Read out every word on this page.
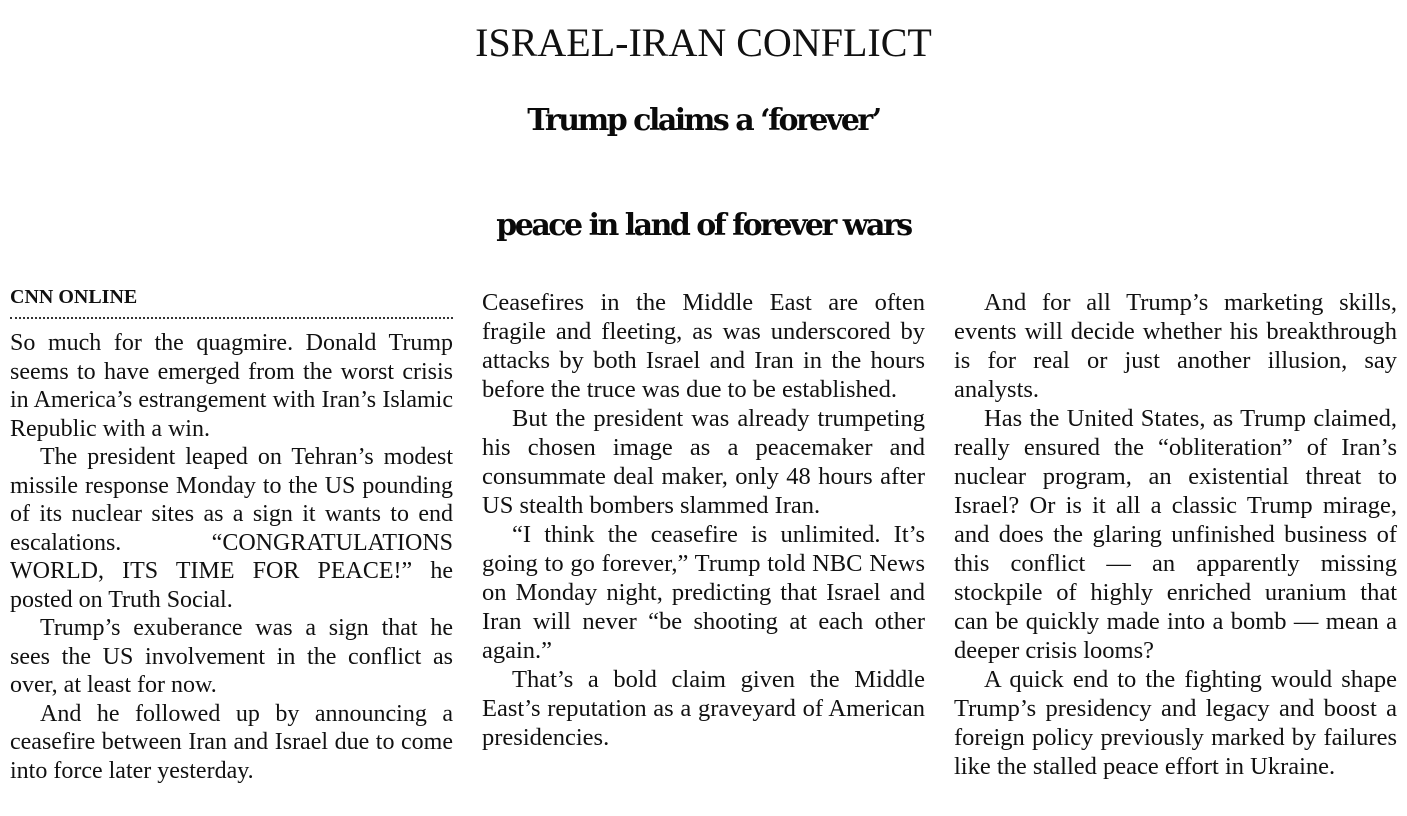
ISRAEL-IRAN CONFLICT
Trump claims a ‘forever’
peace in land of forever wars
CNN ONLINE

So much for the quagmire. Donald Trump seems to have emerged from the worst crisis in America’s estrangement with Iran’s Islamic Republic with a win.

The president leaped on Tehran’s modest missile response Monday to the US pounding of its nuclear sites as a sign it wants to end escalations. “CONGRATULATIONS WORLD, ITS TIME FOR PEACE!” he posted on Truth Social.

Trump’s exuberance was a sign that he sees the US involvement in the conflict as over, at least for now.

And he followed up by announcing a ceasefire between Iran and Israel due to come into force later yesterday.

Ceasefires in the Middle East are often fragile and fleeting, as was underscored by attacks by both Israel and Iran in the hours before the truce was due to be established.

But the president was already trumpeting his chosen image as a peacemaker and consummate deal maker, only 48 hours after US stealth bombers slammed Iran.

“I think the ceasefire is unlimited. It’s going to go forever,” Trump told NBC News on Monday night, predicting that Israel and Iran will never “be shooting at each other again.”

That’s a bold claim given the Middle East’s reputation as a graveyard of American presidencies.

And for all Trump’s marketing skills, events will decide whether his breakthrough is for real or just another illusion, say analysts.

Has the United States, as Trump claimed, really ensured the “obliteration” of Iran’s nuclear program, an existential threat to Israel? Or is it all a classic Trump mirage, and does the glaring unfinished business of this conflict — an apparently missing stockpile of highly enriched uranium that can be quickly made into a bomb — mean a deeper crisis looms?

A quick end to the fighting would shape Trump’s presidency and legacy and boost a foreign policy previously marked by failures like the stalled peace effort in Ukraine.
